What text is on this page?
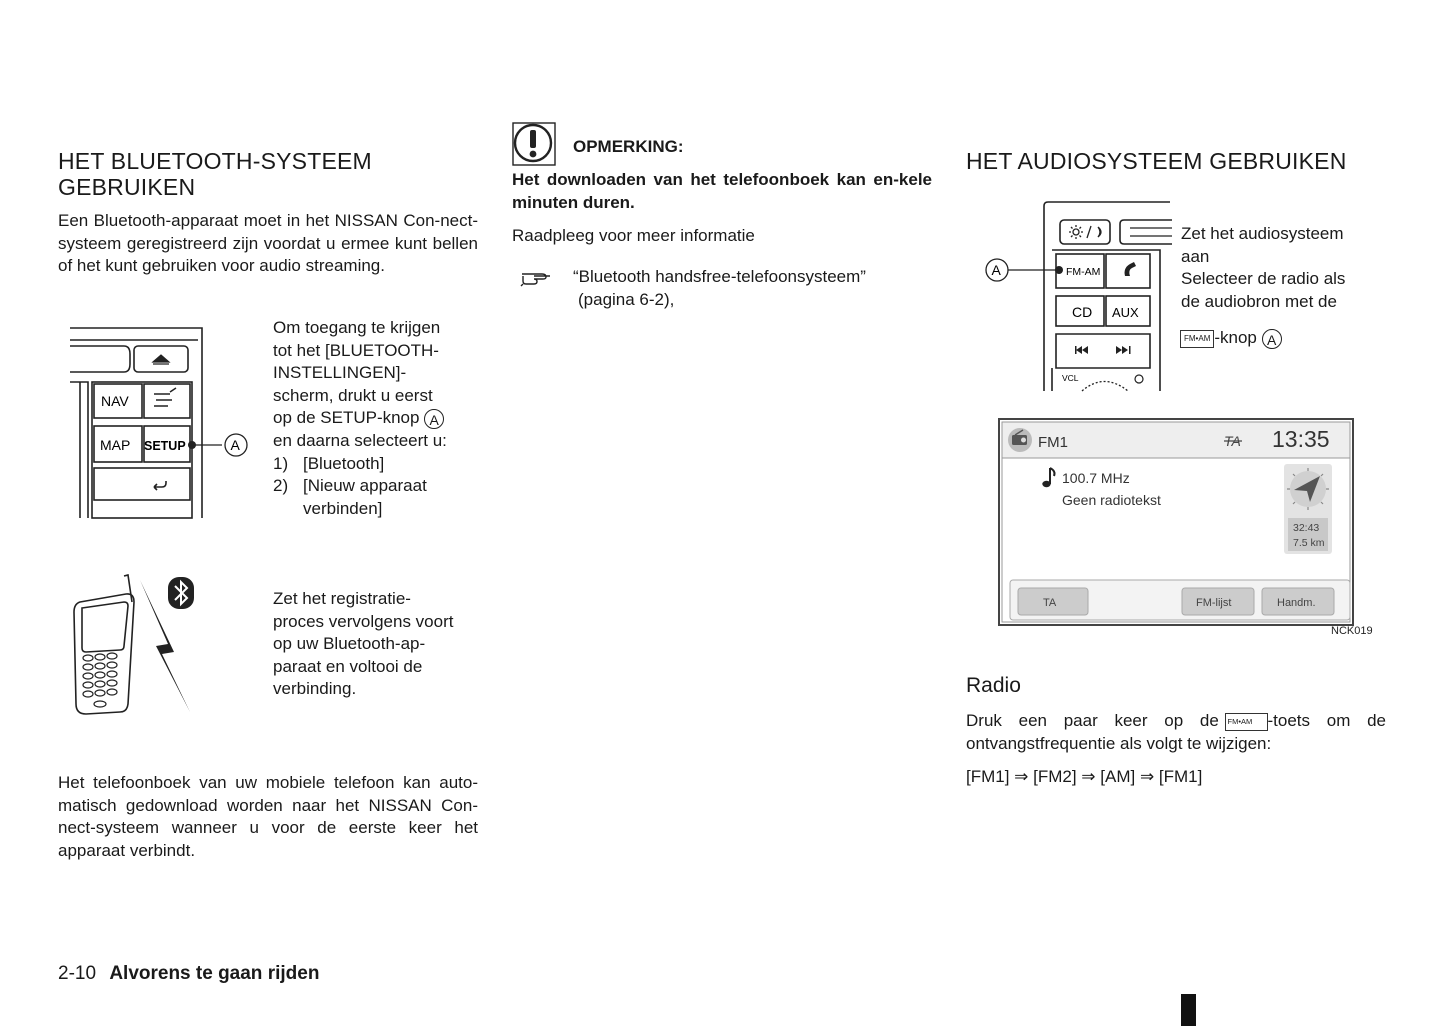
HET BLUETOOTH-SYSTEEM
GEBRUIKEN
Een Bluetooth-apparaat moet in het NISSAN Con-nect-systeem geregistreerd zijn voordat u ermee kunt bellen of het kunt gebruiken voor audio streaming.
NAV
MAP SETUP	A
Om toegang te krijgen
tot het [BLUETOOTH-
INSTELLINGEN]-
scherm, drukt u eerst
op de SETUP-knop A
en daarna selecteert u:
1) [Bluetooth]
2) [Nieuw apparaat
verbinden]
Zet het registratie-
proces vervolgens voort
op uw Bluetooth-ap-
paraat en voltooi de
verbinding.
Het telefoonboek van uw mobiele telefoon kan auto-matisch gedownload worden naar het NISSAN Con-nect-systeem wanneer u voor de eerste keer het apparaat verbindt.
OPMERKING:
Het downloaden van het telefoonboek kan en-kele minuten duren.
Raadpleeg voor meer informatie
“Bluetooth handsfree-telefoonsysteem”
(pagina 6-2),
HET AUDIOSYSTEEM GEBRUIKEN
FM-AM
CD AUX
VCL
A
Zet het audiosysteem
aan
Selecteer de radio als
de audiobron met de
FM•AM -knop A
FM1	TA 13:35
100.7 MHz
Geen radiotekst
32:43
7.5 km
TA	FM-lijst	Handm.
NCK019
Radio
Druk een paar keer op de	FM•AM -toets om de
ontvangstfrequentie als volgt te wijzigen:
[FM1] ⇒ [FM2] ⇒ [AM] ⇒ [FM1]
2-10 Alvorens te gaan rijden
